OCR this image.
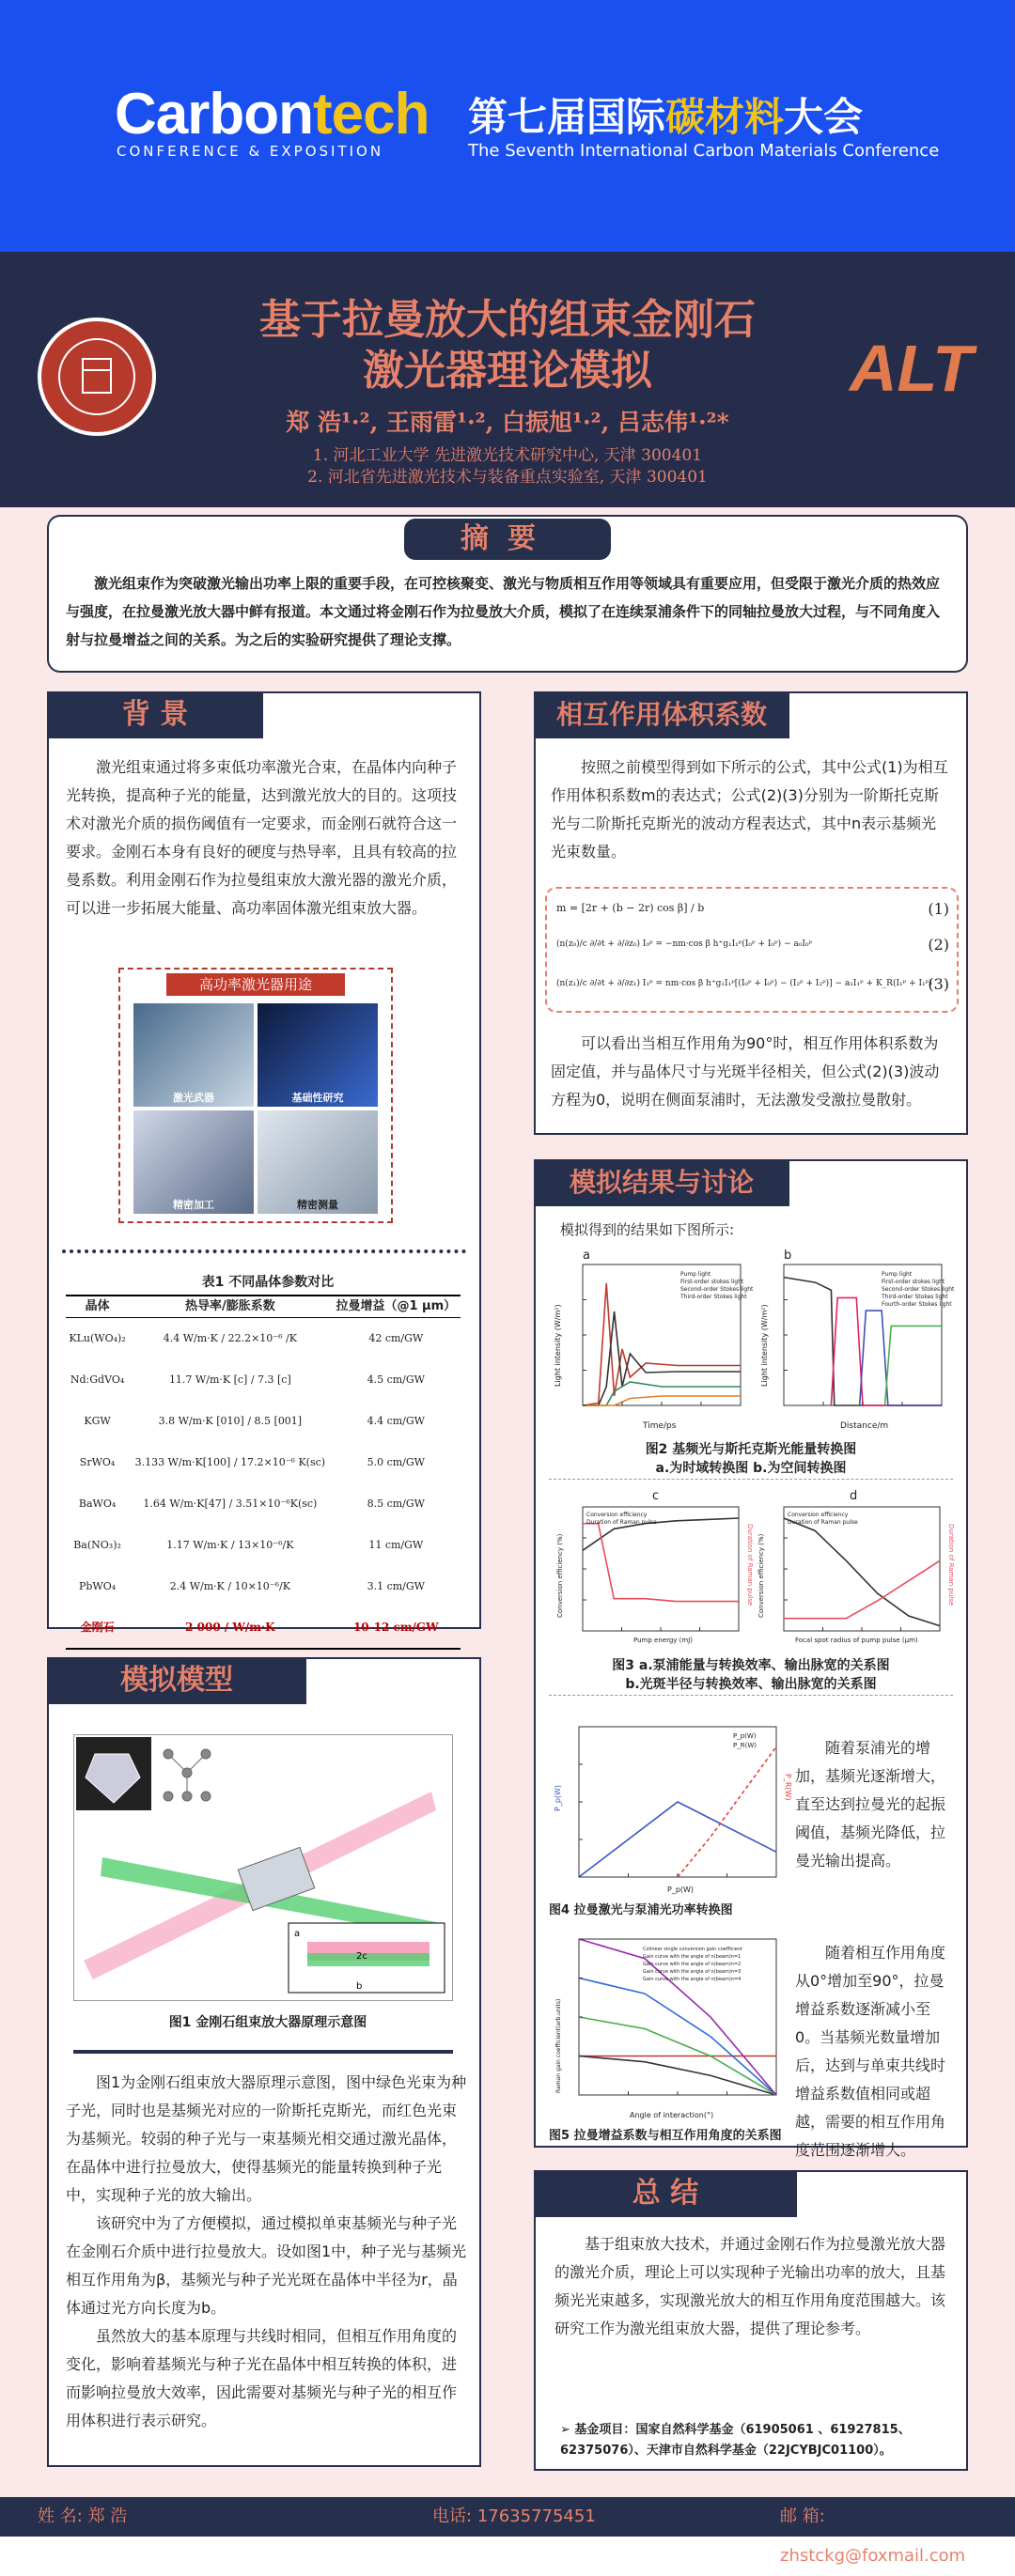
Carbontech
CONFERENCE & EXPOSITION
第七届国际碳材料大会
The Seventh International Carbon Materials Conference
ALT
基于拉曼放大的组束金刚石
激光器理论模拟
郑 浩¹·², 王雨雷¹·², 白振旭¹·², 吕志伟¹·²*
1. 河北工业大学 先进激光技术研究中心, 天津 300401
2. 河北省先进激光技术与装备重点实验室, 天津 300401
摘要
激光组束作为突破激光输出功率上限的重要手段，在可控核聚变、激光与物质相互作用等领域具有重要应用，但受限于激光介质的热效应与强度，在拉曼激光放大器中鲜有报道。本文通过将金刚石作为拉曼放大介质，模拟了在连续泵浦条件下的同轴拉曼放大过程，与不同角度入射与拉曼增益之间的关系。为之后的实验研究提供了理论支撑。
背 景
激光组束通过将多束低功率激光合束，在晶体内向种子光转换，提高种子光的能量，达到激光放大的目的。这项技术对激光介质的损伤阈值有一定要求，而金刚石就符合这一要求。金刚石本身有良好的硬度与热导率，且具有较高的拉曼系数。利用金刚石作为拉曼组束放大激光器的激光介质，可以进一步拓展大能量、高功率固体激光组束放大器。
高功率激光器用途
激光武器	基础性研究
精密加工	精密测量
表1 不同晶体参数对比
晶体	热导率/膨胀系数	拉曼增益（@1 μm）
KLu(WO₄)₂	4.4 W/m·K / 22.2×10⁻⁶ /K	42 cm/GW
Nd:GdVO₄	11.7 W/m·K [c] / 7.3 [c]	4.5 cm/GW
KGW	3.8 W/m·K [010] / 8.5 [001]	4.4 cm/GW
SrWO₄	3.133 W/m·K[100] / 17.2×10⁻⁶ K(sc)	5.0 cm/GW
BaWO₄	1.64 W/m·K[47] / 3.51×10⁻⁶K(sc)	8.5 cm/GW
Ba(NO₃)₂	1.17 W/m·K / 13×10⁻⁶/K	11 cm/GW
PbWO₄	2.4 W/m·K / 10×10⁻⁶/K	3.1 cm/GW
金刚石	2 000 / W/m·K	10-12 cm/GW
模拟模型
a
b
2c
图1 金刚石组束放大器原理示意图
图1为金刚石组束放大器原理示意图，图中绿色光束为种子光，同时也是基频光对应的一阶斯托克斯光，而红色光束为基频光。较弱的种子光与一束基频光相交通过激光晶体，在晶体中进行拉曼放大，使得基频光的能量转换到种子光中，实现种子光的放大输出。
该研究中为了方便模拟，通过模拟单束基频光与种子光在金刚石介质中进行拉曼放大。设如图1中，种子光与基频光相互作用角为β，基频光与种子光光斑在晶体中半径为r，晶体通过光方向长度为b。
虽然放大的基本原理与共线时相同，但相互作用角度的变化，影响着基频光与种子光在晶体中相互转换的体积，进而影响拉曼放大效率，因此需要对基频光与种子光的相互作用体积进行表示研究。
相互作用体积系数
按照之前模型得到如下所示的公式，其中公式(1)为相互作用体积系数m的表达式；公式(2)(3)分别为一阶斯托克斯光与二阶斯托克斯光的波动方程表达式，其中n表示基频光光束数量。
m = [2r + (b − 2r) cos β] / b	(1)
(n(z₀)/c ∂/∂t + ∂/∂z₀) I₀ᵖ = −nm·cos β h⁺g₁I₁ᵖ(I₀ᵖ + I₀ᵖ) − a₀I₀ᵖ	(2)
(n(z₁)/c ∂/∂t + ∂/∂z₁) I₁ᵖ = nm·cos β h⁺g₁I₁ᵖ[(I₀ᵖ + I₀ᵖ) − (I₂ᵖ + I₂ᵖ)] − a₁I₁ᵖ + K_R(I₁ᵖ + I₁ᵖ)
(3)
可以看出当相互作用角为90°时，相互作用体积系数为固定值，并与晶体尺寸与光斑半径相关，但公式(2)(3)波动方程为0，说明在侧面泵浦时，无法激发受激拉曼散射。
模拟结果与讨论
模拟得到的结果如下图所示:
a
Time/ps
Light intensity (W/m²)
Pump light
First-order stokes light
Second-order Stokes light
Third-order Stokes light
b
Distance/m
Light intensity (W/m²)
Pump light
First-order stokes light
Second-order Stokes light
Third-order Stokes light
Fourth-order Stokes light
图2 基频光与斯托克斯光能量转换图
a.为时域转换图 b.为空间转换图
c
Conversion efficiency
Duration of Raman pulse
Pump energy (mJ)
Conversion efficiency (%)	Duration of Raman pulse
d
Conversion efficiency
Duration of Raman pulse
Focal spot radius of pump pulse (μm)
Conversion efficiency (%)	Duration of Raman pulse
图3 a.泵浦能量与转换效率、输出脉宽的关系图
b.光斑半径与转换效率、输出脉宽的关系图
P_p(W)
P_R(W)
P_p(W)
P_p(W)	P_R(W)
图4 拉曼激光与泵浦光功率转换图
随着泵浦光的增加，基频光逐渐增大，直至达到拉曼光的起振阈值，基频光降低，拉曼光输出提高。
Angle of interaction(°)
Raman gain coefficient(arb.units)
Colinear single conversion gain coefficient
Gain curve with the angle of n(beam)n=1
Gain curve with the angle of n(beam)n=2
Gain curve with the angle of n(beam)n=3
Gain curve with the angle of n(beam)n=4
图5 拉曼增益系数与相互作用角度的关系图
随着相互作用角度从0°增加至90°，拉曼增益系数逐渐减小至0。当基频光数量增加后，达到与单束共线时增益系数值相同或超越，需要的相互作用角度范围逐渐增大。
总 结
基于组束放大技术，并通过金刚石作为拉曼激光放大器的激光介质，理论上可以实现种子光输出功率的放大，且基频光光束越多，实现激光放大的相互作用角度范围越大。该研究工作为激光组束放大器，提供了理论参考。
➢ 基金项目：国家自然科学基金（61905061 、61927815、62375076）、天津市自然科学基金（22JCYBJC01100）。
姓 名: 郑 浩	电话: 17635775451	邮 箱: zhstckg@foxmail.com
